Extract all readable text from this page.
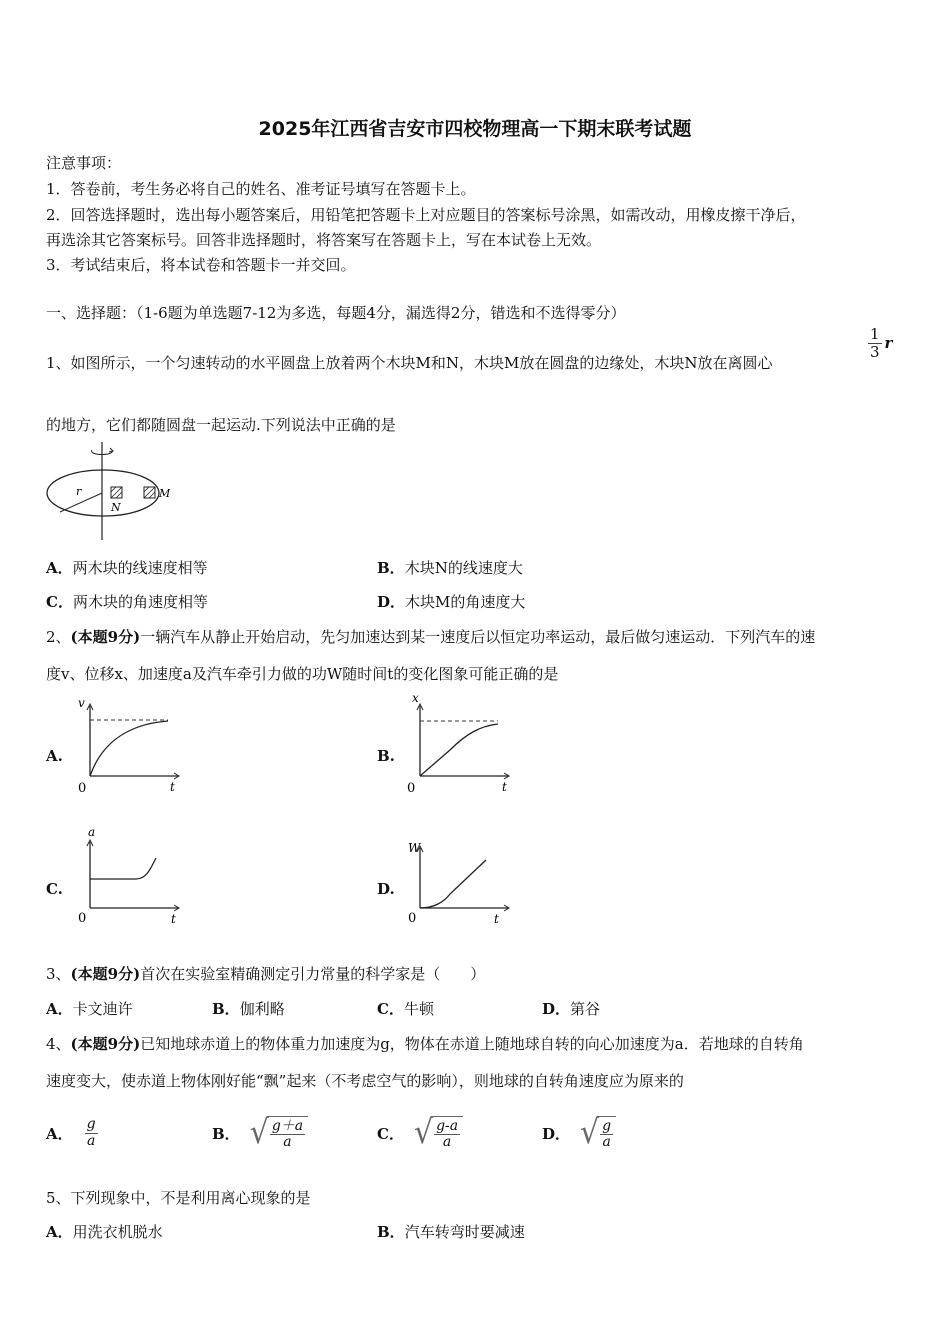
2025年江西省吉安市四校物理高一下期末联考试题
注意事项：
1．答卷前，考生务必将自己的姓名、准考证号填写在答题卡上。
2．回答选择题时，选出每小题答案后，用铅笔把答题卡上对应题目的答案标号涂黑，如需改动，用橡皮擦干净后，
再选涂其它答案标号。回答非选择题时，将答案写在答题卡上，写在本试卷上无效。
3．考试结束后，将本试卷和答题卡一并交回。
一、选择题：（1-6题为单选题7-12为多选，每题4分，漏选得2分，错选和不选得零分）
1、如图所示，一个匀速转动的水平圆盘上放着两个木块M和N，木块M放在圆盘的边缘处，木块N放在离圆心
$\frac{1}{3}$ r
的地方，它们都随圆盘一起运动.下列说法中正确的是
r
N
M
A．两木块的线速度相等	B．木块N的线速度大
C．两木块的角速度相等	D．木块M的角速度大
2、(本题9分)一辆汽车从静止开始启动，先匀加速达到某一速度后以恒定功率运动，最后做匀速运动．下列汽车的速
度v、位移x、加速度a及汽车牵引力做的功W随时间t的变化图象可能正确的是
A.
v
t
0
B.
x
t
0
C.
a
t
0
D.
W
t
0
3、(本题9分)首次在实验室精确测定引力常量的科学家是（　　）
A．卡文迪许	B．伽利略	C．牛顿	D．第谷
4、(本题9分)已知地球赤道上的物体重力加速度为g，物体在赤道上随地球自转的向心加速度为a．若地球的自转角
速度变大，使赤道上物体刚好能“飘”起来（不考虑空气的影响），则地球的自转角速度应为原来的
A． $\frac{g}{a}$	B． √ $\frac{g+a}{a}$	C． √ $\frac{g-a}{a}$	D． √ $\frac{g}{a}$
5、下列现象中，不是利用离心现象的是
A．用洗衣机脱水	B．汽车转弯时要减速
